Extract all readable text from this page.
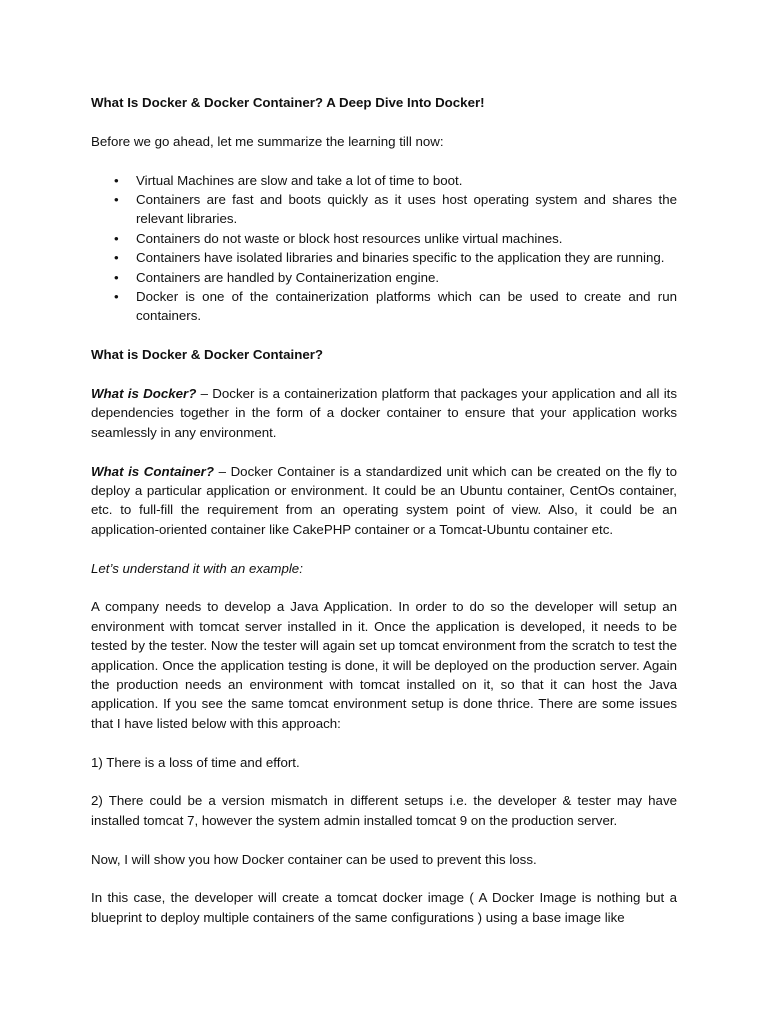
What Is Docker & Docker Container? A Deep Dive Into Docker!

Before we go ahead, let me summarize the learning till now:

• Virtual Machines are slow and take a lot of time to boot.
• Containers are fast and boots quickly as it uses host operating system and shares the relevant libraries.
• Containers do not waste or block host resources unlike virtual machines.
• Containers have isolated libraries and binaries specific to the application they are running.
• Containers are handled by Containerization engine.
• Docker is one of the containerization platforms which can be used to create and run containers.

What is Docker & Docker Container?

What is Docker? – Docker is a containerization platform that packages your application and all its dependencies together in the form of a docker container to ensure that your application works seamlessly in any environment.

What is Container? – Docker Container is a standardized unit which can be created on the fly to deploy a particular application or environment. It could be an Ubuntu container, CentOs container, etc. to full-fill the requirement from an operating system point of view. Also, it could be an application-oriented container like CakePHP container or a Tomcat-Ubuntu container etc.

Let’s understand it with an example:

A company needs to develop a Java Application. In order to do so the developer will setup an environment with tomcat server installed in it. Once the application is developed, it needs to be tested by the tester. Now the tester will again set up tomcat environment from the scratch to test the application. Once the application testing is done, it will be deployed on the production server. Again the production needs an environment with tomcat installed on it, so that it can host the Java application. If you see the same tomcat environment setup is done thrice. There are some issues that I have listed below with this approach:

1) There is a loss of time and effort.

2) There could be a version mismatch in different setups i.e. the developer & tester may have installed tomcat 7, however the system admin installed tomcat 9 on the production server.

Now, I will show you how Docker container can be used to prevent this loss.

In this case, the developer will create a tomcat docker image ( A Docker Image is nothing but a blueprint to deploy multiple containers of the same configurations ) using a base image like
